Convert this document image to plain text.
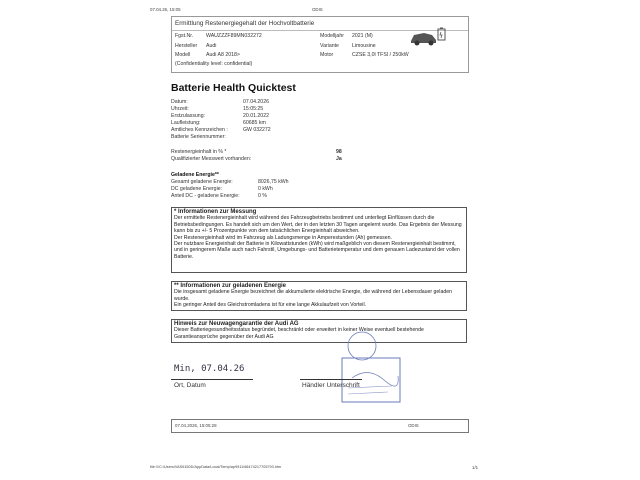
07.04.26, 15:05	ODIS
Ermittlung Restenergiegehalt der Hochvoltbatterie
Fgst.Nr. WAUZZZF89MN032272	Modelljahr 2021 (M)
Hersteller Audi	Variante	Limousine
Modell	Audi A8 2018>	Motor	CZSE 3,0l TFSI / 250kW
(Confidentiality level: confidential)
Batterie Health Quicktest
Datum:	07.04.2026
Uhrzeit:	15:05:25
Erstzulassung:	20.01.2022
Laufleistung:	60685 km
Amtliches Kennzeichen :	GW 032272
Batterie Seriennummer:
Restenergieinhalt in % *	98
Qualifizierter Messwert vorhanden:	Ja
Geladene Energie**
Gesamt geladene Energie:	8026,75 kWh
DC geladene Energie:	0 kWh
Anteil DC - geladene Energie:	0 %
* Informationen zur Messung
Der ermittelte Restenergieinhalt wird während des Fahrzeugbetriebs bestimmt und unterliegt Einflüssen durch die Betriebsbedingungen. Es handelt sich um den Wert, der in den letzten 30 Tagen angelernt wurde. Das Ergebnis der Messung kann bis zu +/- 5 Prozentpunkte von dem tatsächlichen Energieinhalt abweichen.
Der Restenergieinhalt wird im Fahrzeug als Ladungsmenge in Amperestunden (Ah) gemessen.
Der nutzbare Energieinhalt der Batterie in Kilowattstunden (kWh) wird maßgeblich von diesem Restenergieinhalt bestimmt, und in geringerem Maße auch nach Fahrstil, Umgebungs- und Batterietemperatur und dem genauen Ladezustand der vollen Batterie.
** Informationen zur geladenen Energie
Die insgesamt geladene Energie bezeichnet die akkumulierte elektrische Energie, die während der Lebensdauer geladen wurde.
Ein geringer Anteil des Gleichstromladens ist für eine lange Akkulaufzeit von Vorteil.
Hinweis zur Neuwagengarantie der Audi AG
Dieser Batteriegesundheitsstatus begründet, beschränkt oder erweitert in keiner Weise eventuell bestehende Garantieansprüche gegenüber der Audi AG
Min, 07.04.26
Ort, Datum	Händler Unterschrift
07.04.2026, 15:05:28	ODIS
file:///C:/Users/VAS6150D/AppData/Local/Temp/ap9911/66474217705793.htm	1/1
